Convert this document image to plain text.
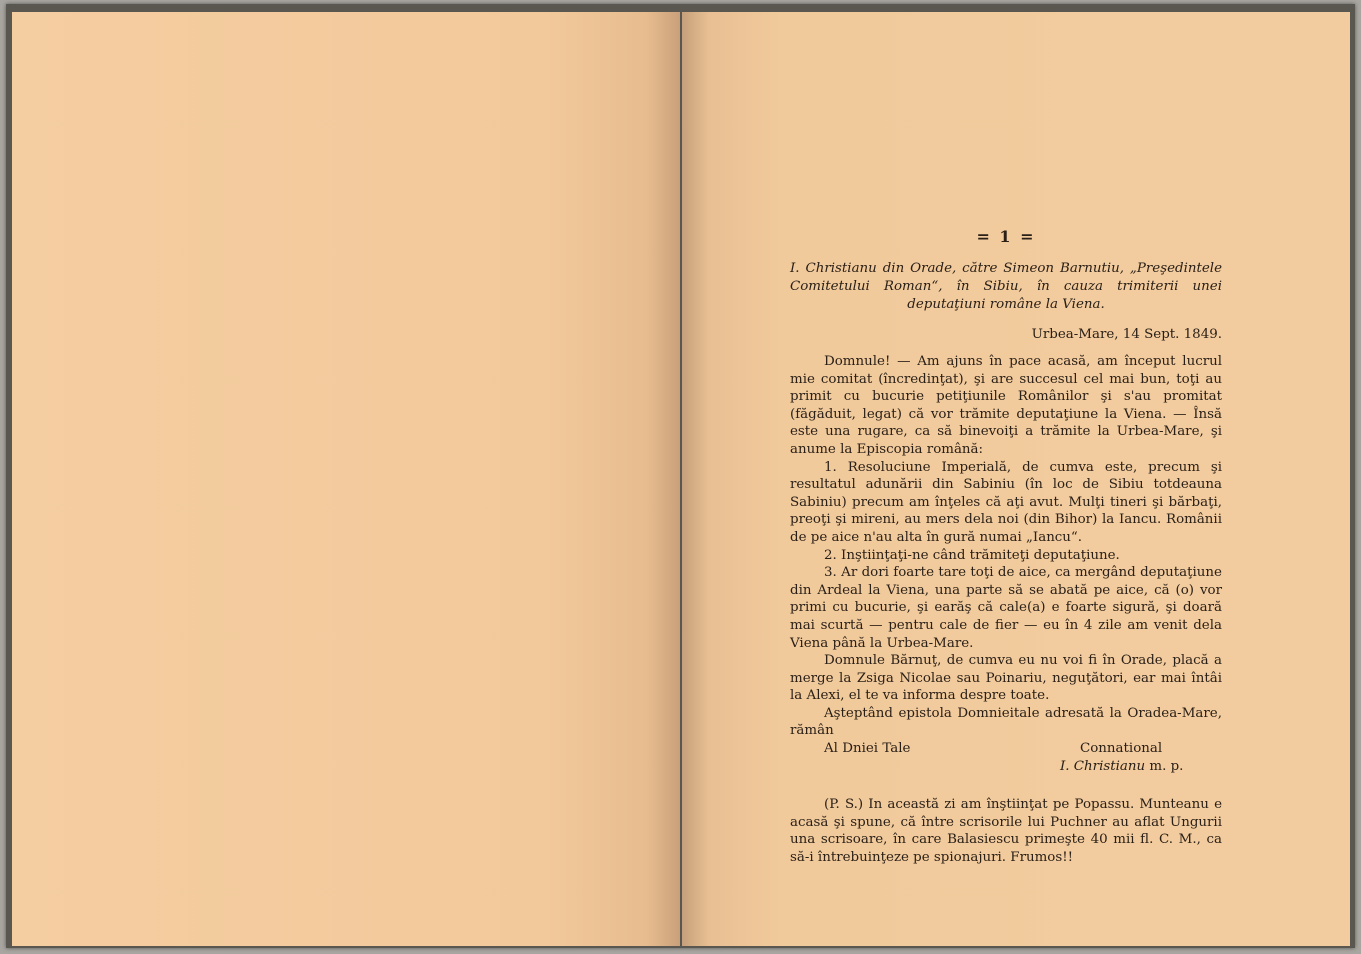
= 1 =
I. Christianu din Orade, către Simeon Barnutiu, „Preşedintele Comitetului Roman“, în Sibiu, în cauza trimiterii unei deputaţiuni române la Viena.
Urbea-Mare, 14 Sept. 1849.

Domnule! — Am ajuns în pace acasă, am început lucrul mie comitat (încredinţat), şi are succesul cel mai bun, toţi au primit cu bucurie petiţiunile Românilor şi s'au promitat (făgăduit, legat) că vor trămite deputaţiune la Viena. — Însă este una rugare, ca să binevoiţi a trămite la Urbea-Mare, şi anume la Episcopia română:

1. Resoluciune Imperială, de cumva este, precum şi resultatul adunării din Sabiniu (în loc de Sibiu totdeauna Sabiniu) precum am înţeles că aţi avut. Mulţi tineri şi bărbaţi, preoţi şi mireni, au mers dela noi (din Bihor) la Iancu. Românii de pe aice n'au alta în gură numai „Iancu“.

2. Inştiinţaţi-ne când trămiteţi deputaţiune.

3. Ar dori foarte tare toţi de aice, ca mergând deputaţiune din Ardeal la Viena, una parte să se abată pe aice, că (o) vor primi cu bucurie, şi earăş că cale(a) e foarte sigură, şi doară mai scurtă — pentru cale de fier — eu în 4 zile am venit dela Viena până la Urbea-Mare.

Domnule Bărnuţ, de cumva eu nu voi fi în Orade, placă a merge la Zsiga Nicolae sau Poinariu, neguţători, ear mai întâi la Alexi, el te va informa despre toate.

Aşteptând epistola Domnieitale adresată la Oradea-Mare, rămân

Al Dniei Tale	Connational
I. Christianu m. p.

(P. S.) In această zi am înştiinţat pe Popassu. Munteanu e acasă şi spune, că între scrisorile lui Puchner au aflat Ungurii una scrisoare, în care Balasiescu primeşte 40 mii fl. C. M., ca să-i întrebuinţeze pe spionajuri. Frumos!!
